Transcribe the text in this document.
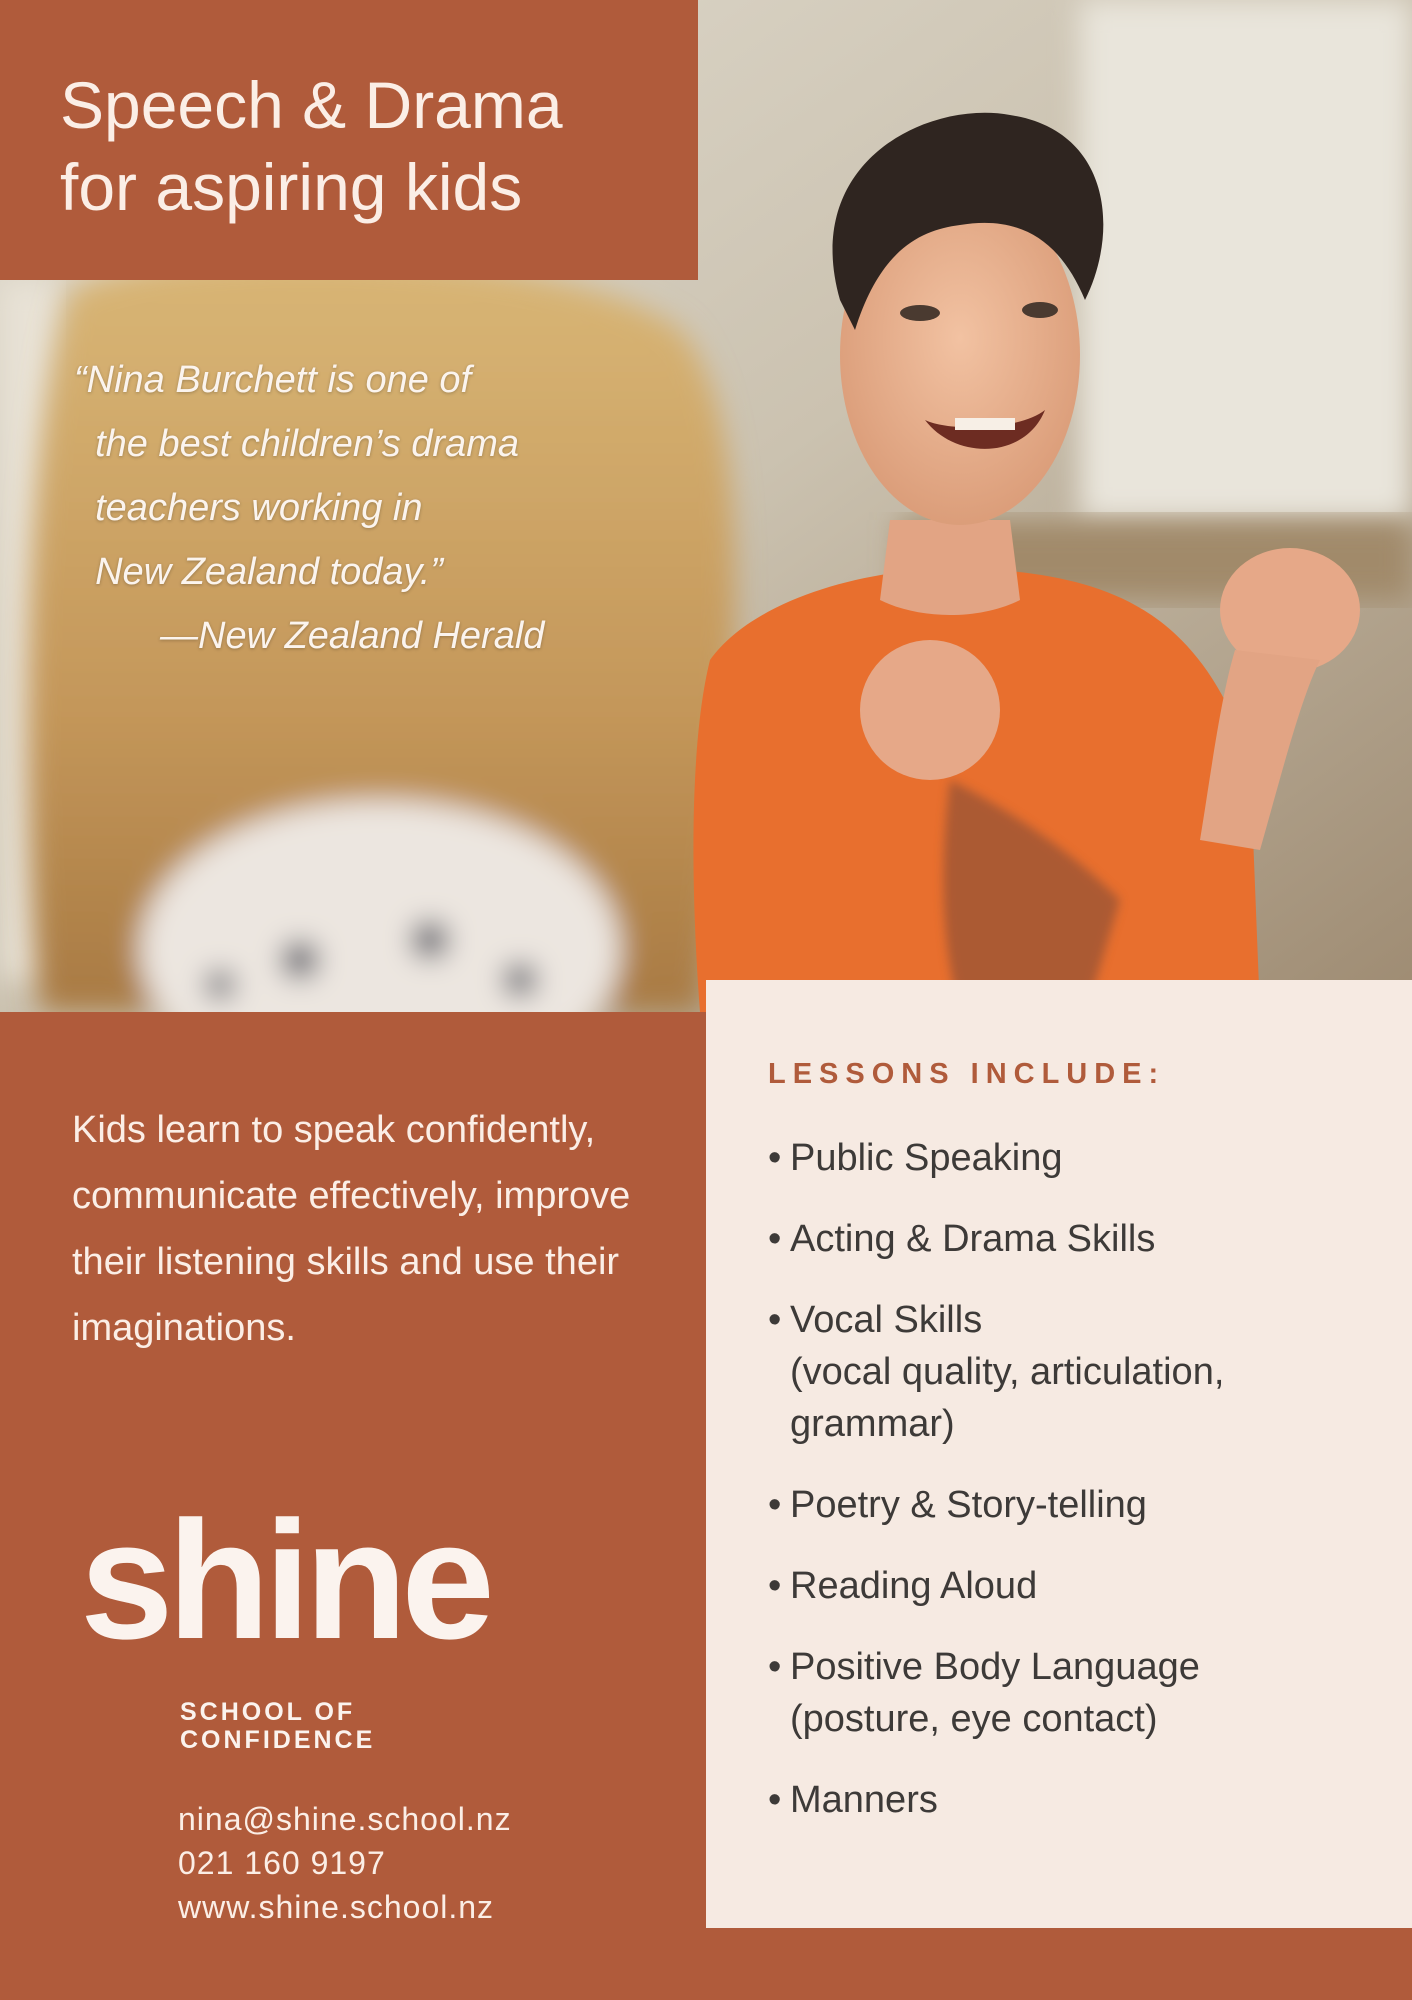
Speech & Drama
for aspiring kids
“Nina Burchett is one of
the best children’s drama
teachers working in
New Zealand today.”
—New Zealand Herald
Kids learn to speak confidently, communicate effectively, improve their listening skills and use their imaginations.
shine
SCHOOL OF
CONFIDENCE
nina@shine.school.nz
021 160 9197
www.shine.school.nz
LESSONS INCLUDE:
• Public Speaking
• Acting & Drama Skills
• Vocal Skills
(vocal quality, articulation, grammar)
• Poetry & Story-telling
• Reading Aloud
• Positive Body Language
(posture, eye contact)
• Manners
